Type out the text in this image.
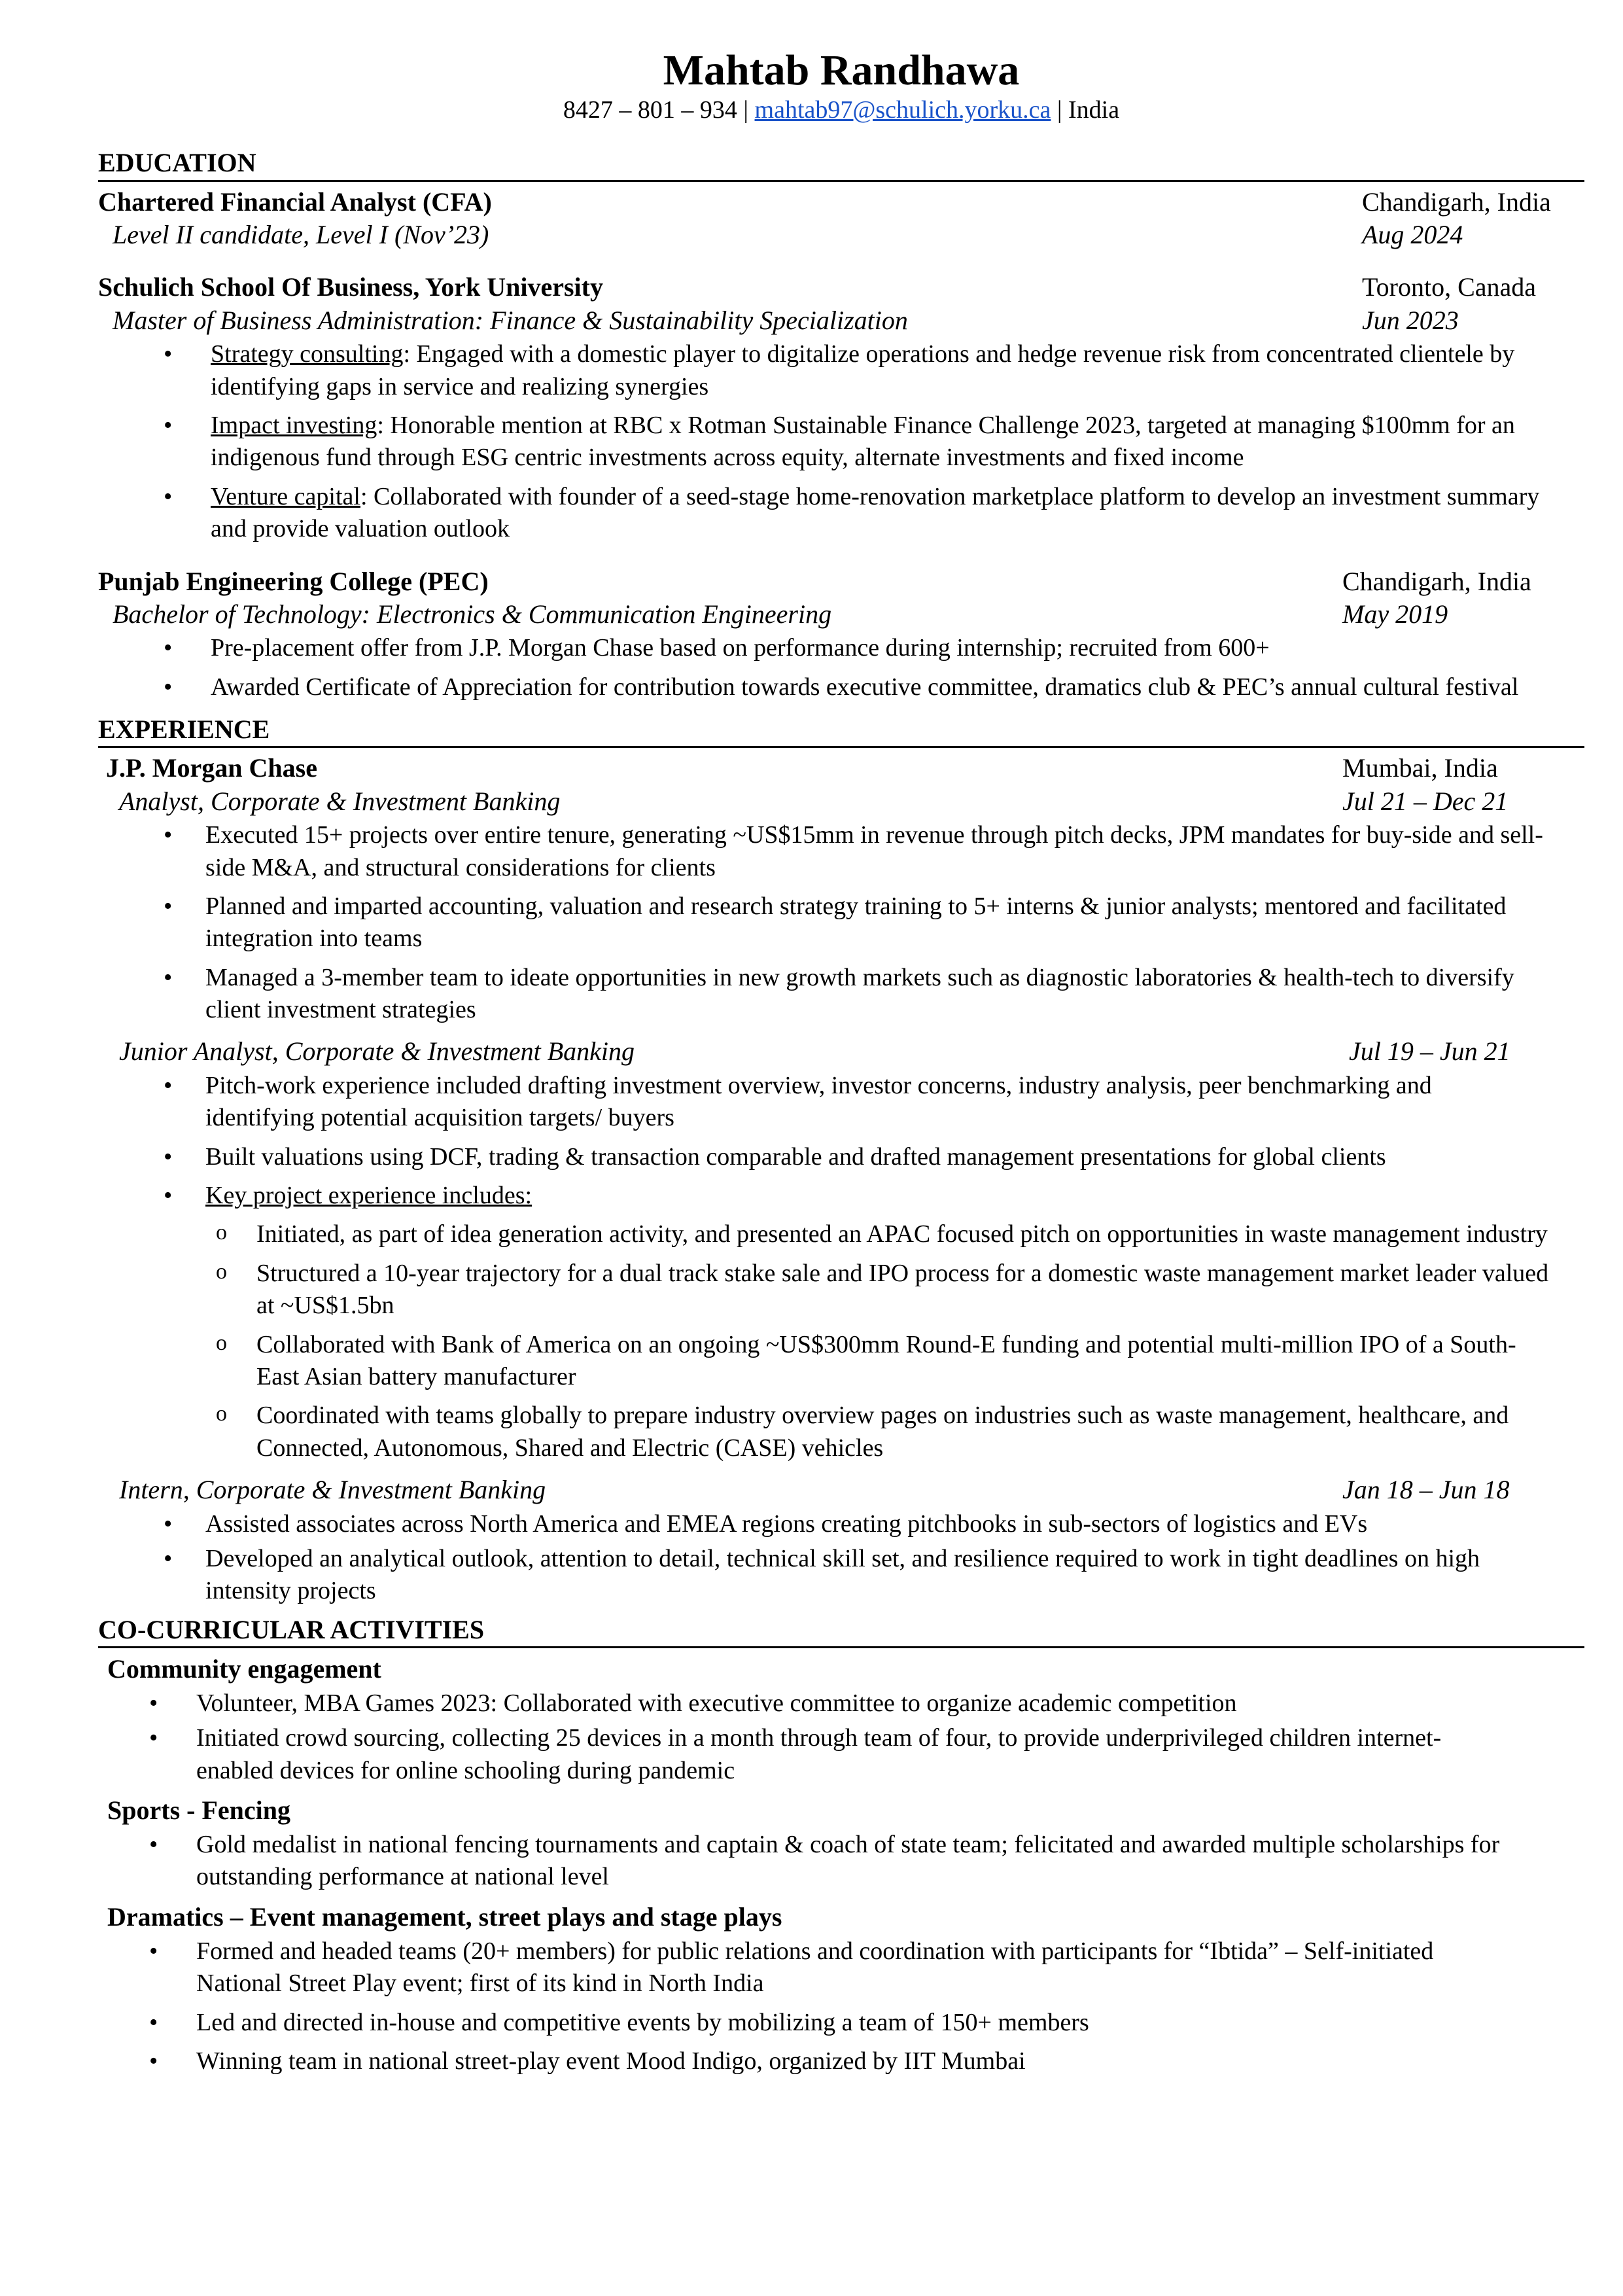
Mahtab Randhawa
8427 – 801 – 934 | mahtab97@schulich.yorku.ca | India
EDUCATION
Chartered Financial Analyst (CFA)	Chandigarh, India
Level II candidate, Level I (Nov’23)	Aug 2024
Schulich School Of Business, York University	Toronto, Canada
Master of Business Administration: Finance & Sustainability Specialization	Jun 2023
• Strategy consulting: Engaged with a domestic player to digitalize operations and hedge revenue risk from concentrated clientele by identifying gaps in service and realizing synergies
• Impact investing: Honorable mention at RBC x Rotman Sustainable Finance Challenge 2023, targeted at managing $100mm for an indigenous fund through ESG centric investments across equity, alternate investments and fixed income
• Venture capital: Collaborated with founder of a seed-stage home-renovation marketplace platform to develop an investment summary and provide valuation outlook
Punjab Engineering College (PEC)	Chandigarh, India
Bachelor of Technology: Electronics & Communication Engineering	May 2019
• Pre-placement offer from J.P. Morgan Chase based on performance during internship; recruited from 600+
• Awarded Certificate of Appreciation for contribution towards executive committee, dramatics club & PEC’s annual cultural festival
EXPERIENCE
J.P. Morgan Chase	Mumbai, India
Analyst, Corporate & Investment Banking	Jul 21 – Dec 21
• Executed 15+ projects over entire tenure, generating ~US$15mm in revenue through pitch decks, JPM mandates for buy-side and sell-side M&A, and structural considerations for clients
• Planned and imparted accounting, valuation and research strategy training to 5+ interns & junior analysts; mentored and facilitated integration into teams
• Managed a 3-member team to ideate opportunities in new growth markets such as diagnostic laboratories & health-tech to diversify client investment strategies
Junior Analyst, Corporate & Investment Banking	Jul 19 – Jun 21
• Pitch-work experience included drafting investment overview, investor concerns, industry analysis, peer benchmarking and identifying potential acquisition targets/ buyers
• Built valuations using DCF, trading & transaction comparable and drafted management presentations for global clients
• Key project experience includes:
o Initiated, as part of idea generation activity, and presented an APAC focused pitch on opportunities in waste management industry
o Structured a 10-year trajectory for a dual track stake sale and IPO process for a domestic waste management market leader valued at ~US$1.5bn
o Collaborated with Bank of America on an ongoing ~US$300mm Round-E funding and potential multi-million IPO of a South-East Asian battery manufacturer
o Coordinated with teams globally to prepare industry overview pages on industries such as waste management, healthcare, and Connected, Autonomous, Shared and Electric (CASE) vehicles
Intern, Corporate & Investment Banking	Jan 18 – Jun 18
• Assisted associates across North America and EMEA regions creating pitchbooks in sub-sectors of logistics and EVs
• Developed an analytical outlook, attention to detail, technical skill set, and resilience required to work in tight deadlines on high intensity projects
CO-CURRICULAR ACTIVITIES
Community engagement
• Volunteer, MBA Games 2023: Collaborated with executive committee to organize academic competition
• Initiated crowd sourcing, collecting 25 devices in a month through team of four, to provide underprivileged children internet-enabled devices for online schooling during pandemic
Sports - Fencing
• Gold medalist in national fencing tournaments and captain & coach of state team; felicitated and awarded multiple scholarships for outstanding performance at national level
Dramatics – Event management, street plays and stage plays
• Formed and headed teams (20+ members) for public relations and coordination with participants for “Ibtida” – Self-initiated National Street Play event; first of its kind in North India
• Led and directed in-house and competitive events by mobilizing a team of 150+ members
• Winning team in national street-play event Mood Indigo, organized by IIT Mumbai
